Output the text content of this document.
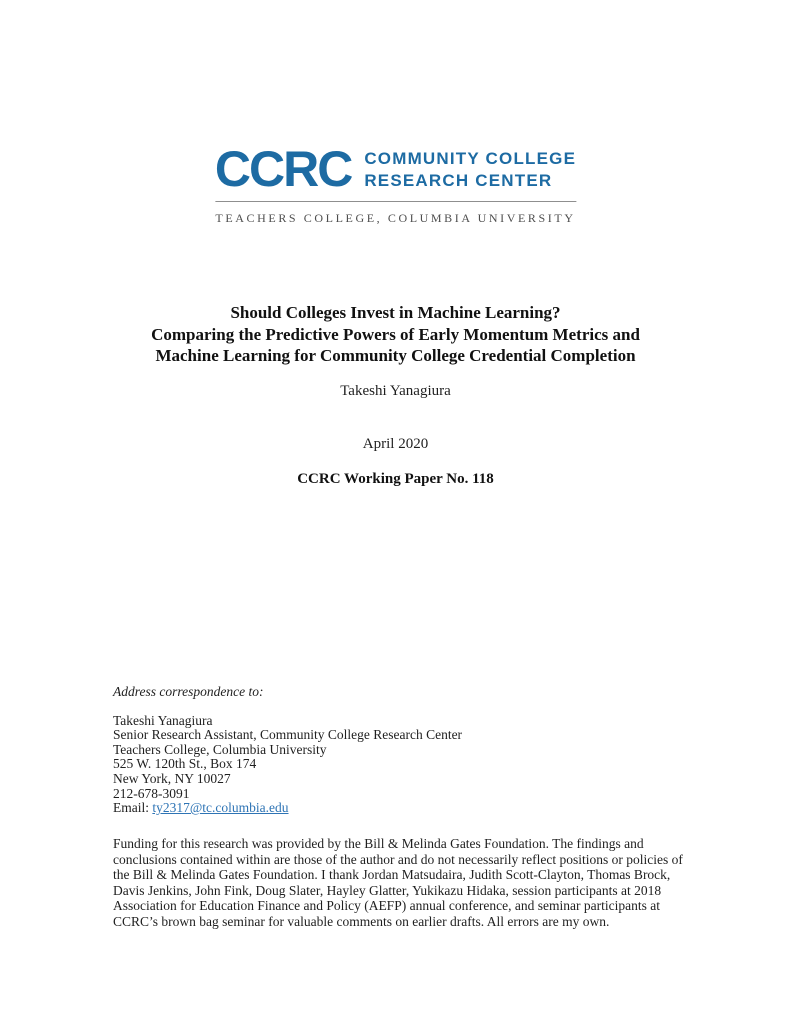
CCRC COMMUNITY COLLEGE
RESEARCH CENTER
TEACHERS COLLEGE, COLUMBIA UNIVERSITY
Should Colleges Invest in Machine Learning?
Comparing the Predictive Powers of Early Momentum Metrics and
Machine Learning for Community College Credential Completion
Takeshi Yanagiura
April 2020
CCRC Working Paper No. 118
Address correspondence to:
Takeshi Yanagiura
Senior Research Assistant, Community College Research Center
Teachers College, Columbia University
525 W. 120th St., Box 174
New York, NY 10027
212-678-3091
Email: ty2317@tc.columbia.edu
Funding for this research was provided by the Bill & Melinda Gates Foundation. The findings and
conclusions contained within are those of the author and do not necessarily reflect positions or policies of
the Bill & Melinda Gates Foundation. I thank Jordan Matsudaira, Judith Scott-Clayton, Thomas Brock,
Davis Jenkins, John Fink, Doug Slater, Hayley Glatter, Yukikazu Hidaka, session participants at 2018
Association for Education Finance and Policy (AEFP) annual conference, and seminar participants at
CCRC’s brown bag seminar for valuable comments on earlier drafts. All errors are my own.
